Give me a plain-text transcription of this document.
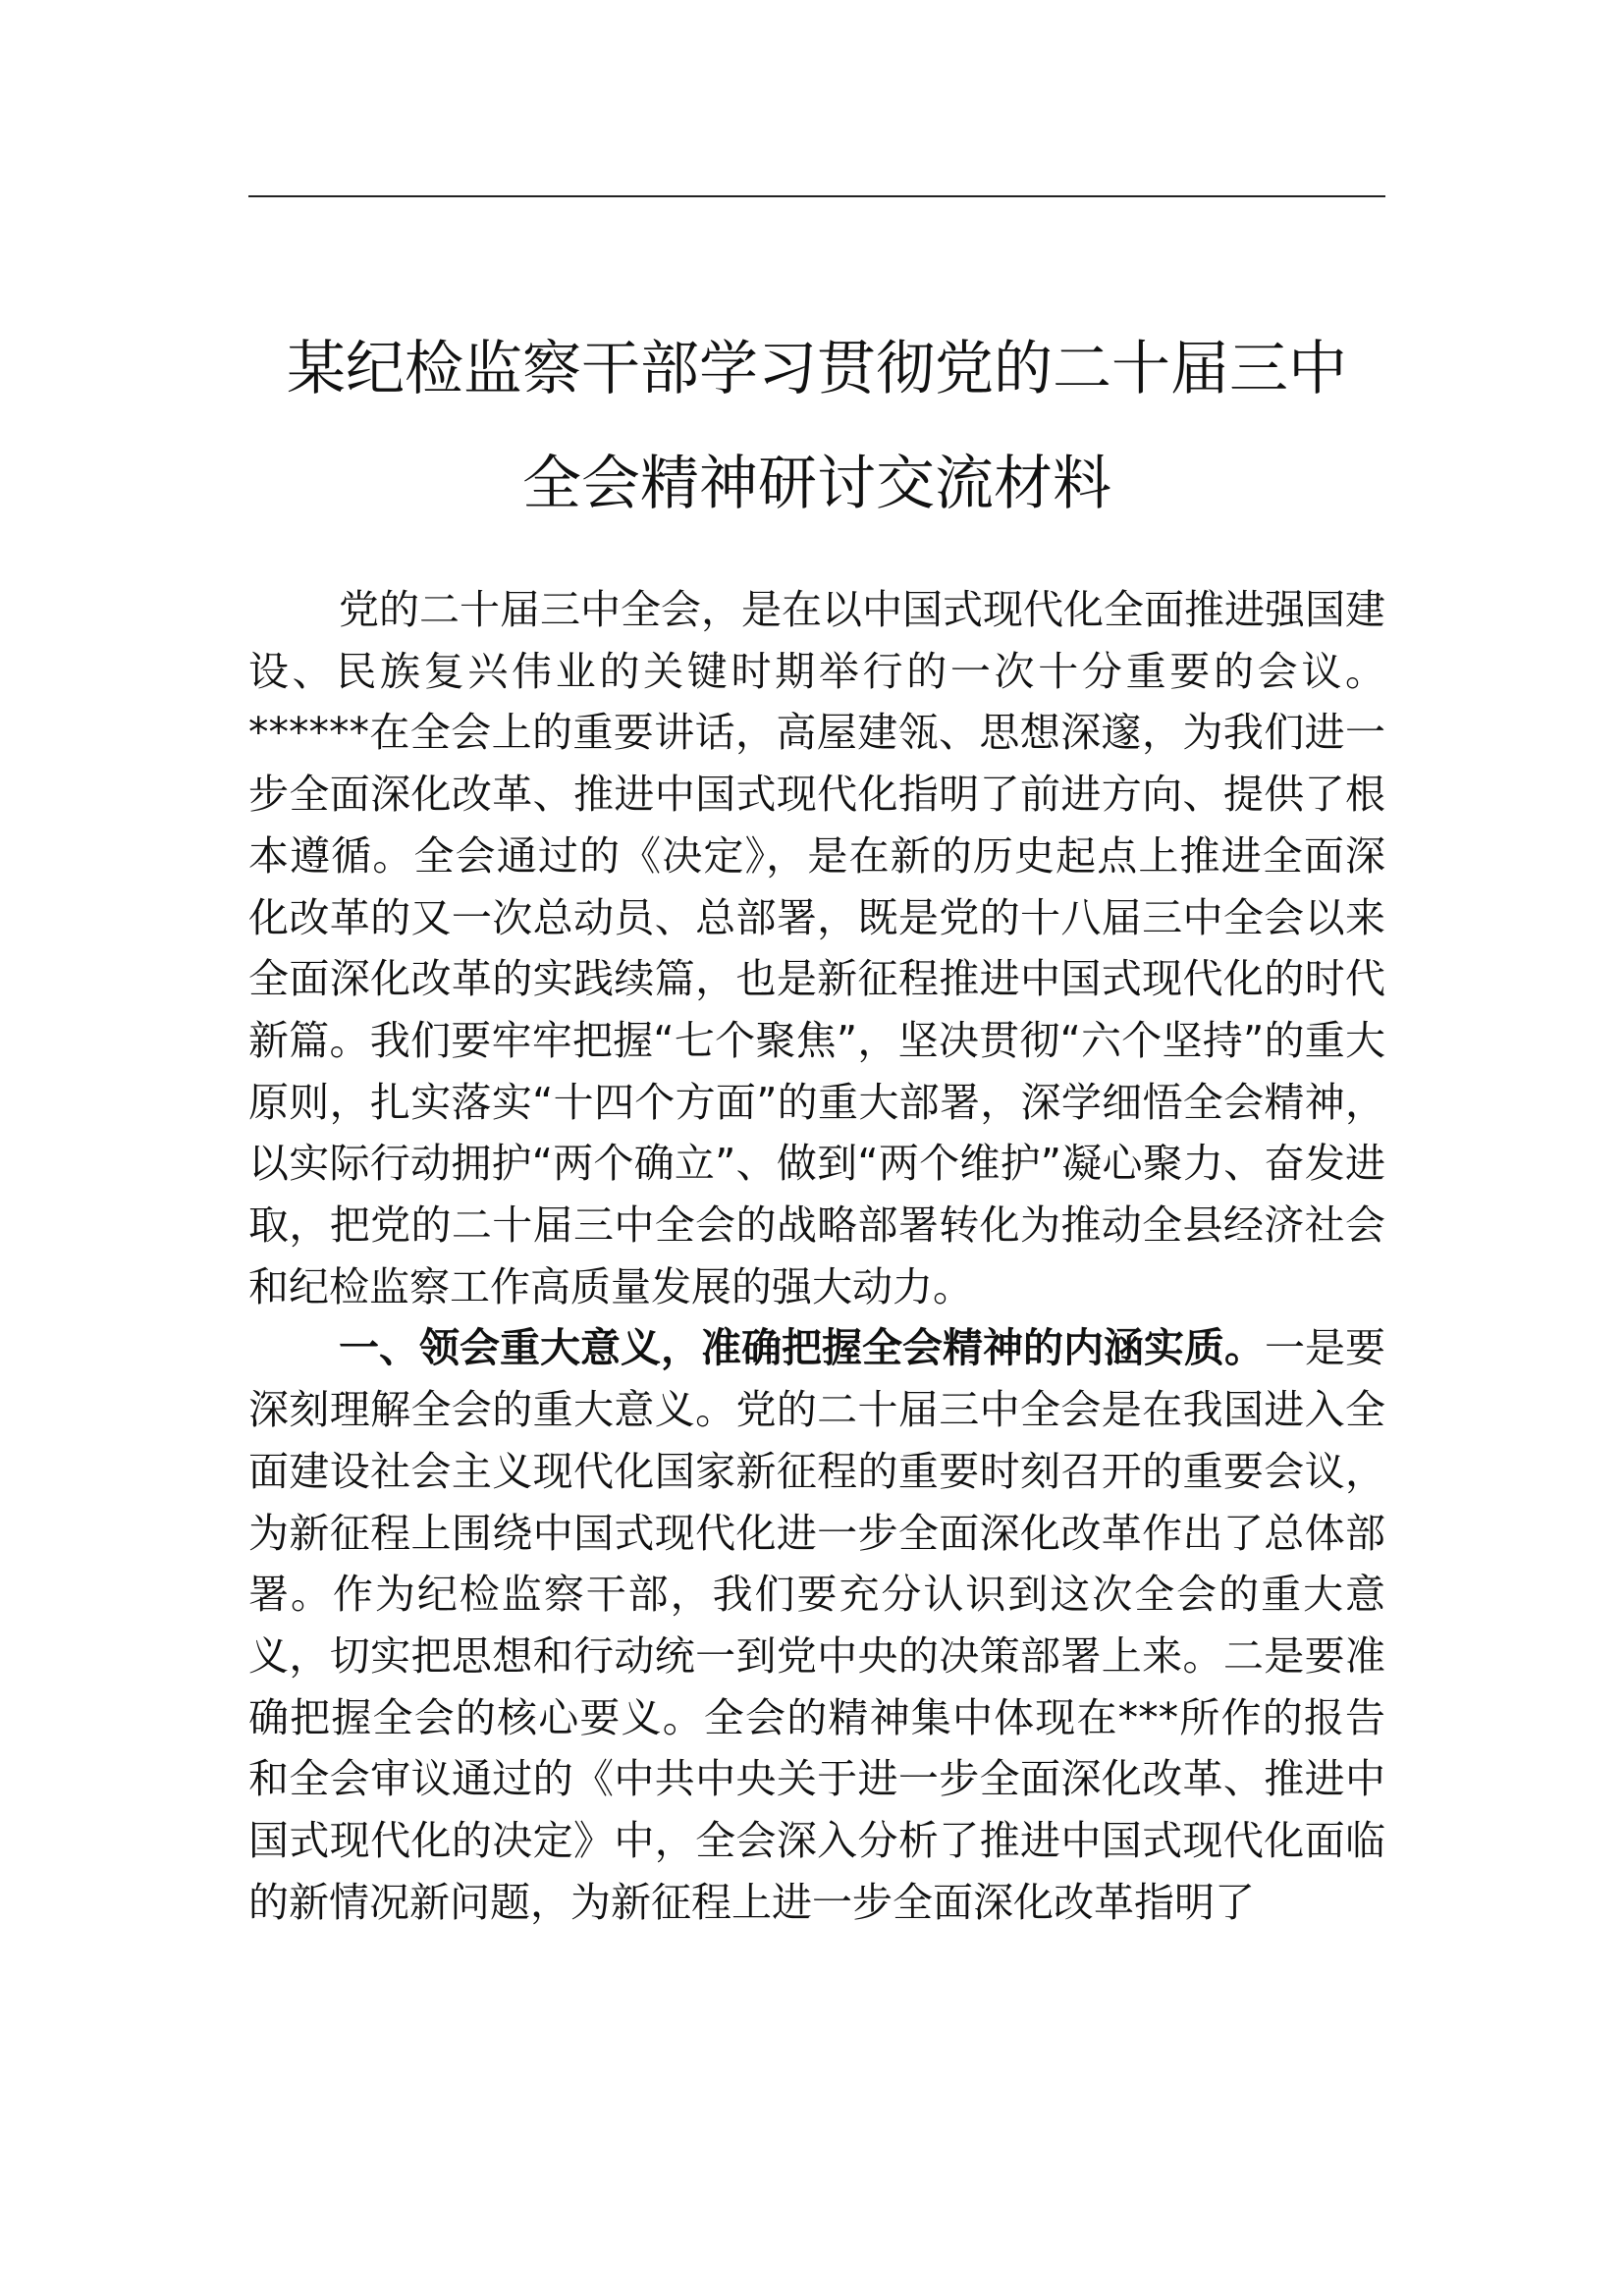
某纪检监察干部学习贯彻党的二十届三中
全会精神研讨交流材料

党的二十届三中全会，是在以中国式现代化全面推进强国建设、民族复兴伟业的关键时期举行的一次十分重要的会议。******在全会上的重要讲话，高屋建瓴、思想深邃，为我们进一步全面深化改革、推进中国式现代化指明了前进方向、提供了根本遵循。全会通过的《决定》，是在新的历史起点上推进全面深化改革的又一次总动员、总部署，既是党的十八届三中全会以来全面深化改革的实践续篇，也是新征程推进中国式现代化的时代新篇。我们要牢牢把握“七个聚焦”，坚决贯彻“六个坚持”的重大原则，扎实落实“十四个方面”的重大部署，深学细悟全会精神，以实际行动拥护“两个确立”、做到“两个维护”凝心聚力、奋发进取，把党的二十届三中全会的战略部署转化为推动全县经济社会和纪检监察工作高质量发展的强大动力。

一、领会重大意义，准确把握全会精神的内涵实质。一是要深刻理解全会的重大意义。党的二十届三中全会是在我国进入全面建设社会主义现代化国家新征程的重要时刻召开的重要会议，为新征程上围绕中国式现代化进一步全面深化改革作出了总体部署。作为纪检监察干部，我们要充分认识到这次全会的重大意义，切实把思想和行动统一到党中央的决策部署上来。二是要准确把握全会的核心要义。全会的精神集中体现在***所作的报告和全会审议通过的《中共中央关于进一步全面深化改革、推进中国式现代化的决定》中，全会深入分析了推进中国式现代化面临的新情况新问题，为新征程上进一步全面深化改革指明了
